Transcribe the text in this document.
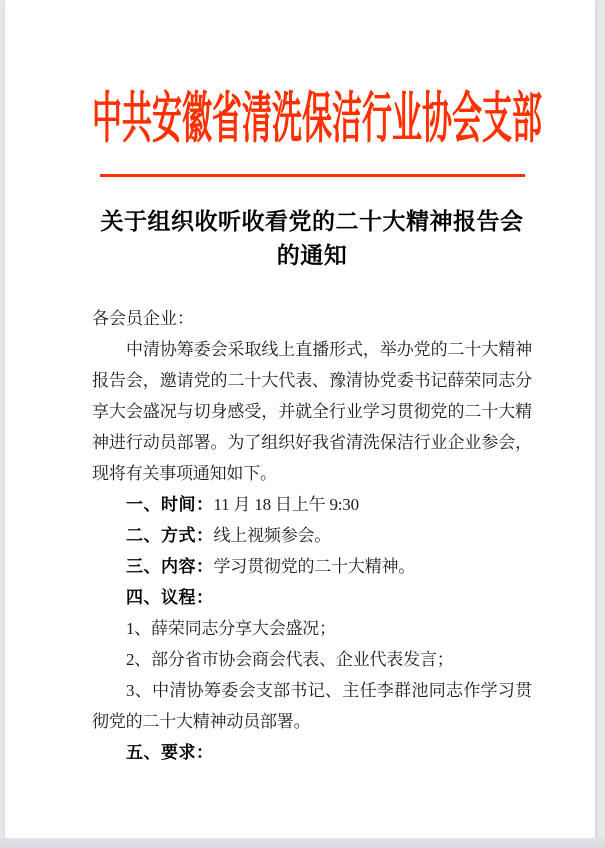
中共安徽省清洗保洁行业协会支部
关于组织收听收看党的二十大精神报告会
的通知

各会员企业：

中清协筹委会采取线上直播形式，举办党的二十大精神报告会，邀请党的二十大代表、豫清协党委书记薛荣同志分享大会盛况与切身感受，并就全行业学习贯彻党的二十大精神进行动员部署。为了组织好我省清洗保洁行业企业参会，现将有关事项通知如下。

一、时间：11 月 18 日上午 9:30

二、方式：线上视频参会。

三、内容：学习贯彻党的二十大精神。

四、议程：

1、薛荣同志分享大会盛况；

2、部分省市协会商会代表、企业代表发言；

3、中清协筹委会支部书记、主任李群池同志作学习贯彻党的二十大精神动员部署。

五、要求：
